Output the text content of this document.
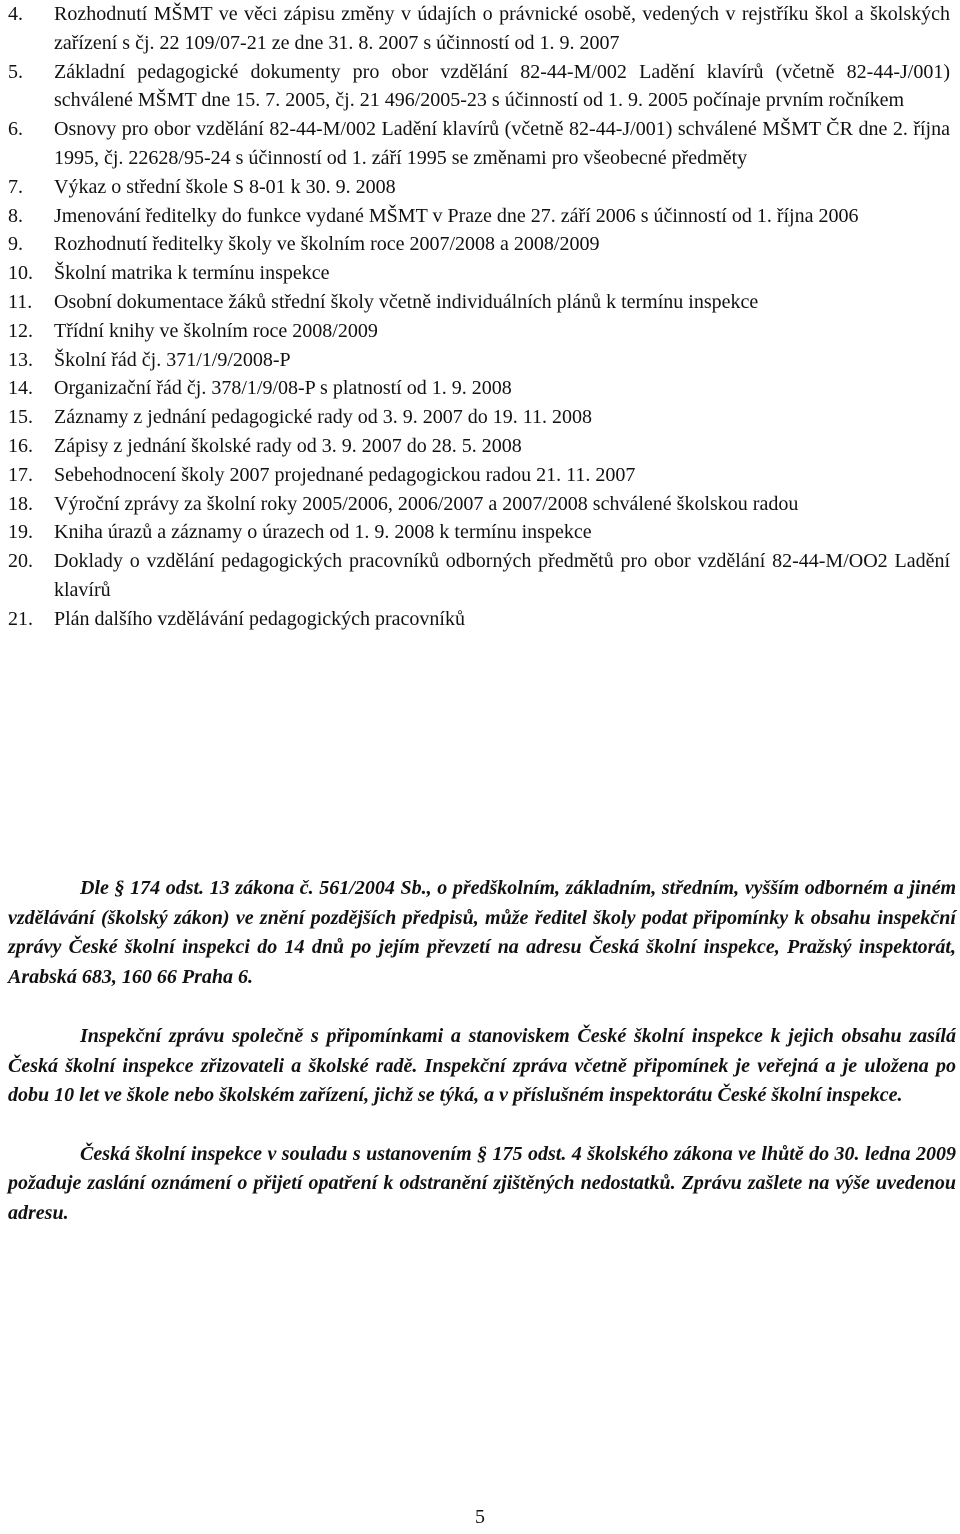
4. Rozhodnutí MŠMT ve věci zápisu změny v údajích o právnické osobě, vedených v rejstříku škol a školských zařízení s čj. 22 109/07-21 ze dne 31. 8. 2007 s účinností od 1. 9. 2007
5. Základní pedagogické dokumenty pro obor vzdělání 82-44-M/002 Ladění klavírů (včetně 82-44-J/001) schválené MŠMT dne 15. 7. 2005, čj. 21 496/2005-23 s účinností od 1. 9. 2005 počínaje prvním ročníkem
6. Osnovy pro obor vzdělání 82-44-M/002 Ladění klavírů (včetně 82-44-J/001) schválené MŠMT ČR dne 2. října 1995, čj. 22628/95-24 s účinností od 1. září 1995 se změnami pro všeobecné předměty
7. Výkaz o střední škole S 8-01 k 30. 9. 2008
8. Jmenování ředitelky do funkce vydané MŠMT v Praze dne 27. září 2006 s účinností od 1. října 2006
9. Rozhodnutí ředitelky školy ve školním roce 2007/2008 a 2008/2009
10. Školní matrika k termínu inspekce
11. Osobní dokumentace žáků střední školy včetně individuálních plánů k termínu inspekce
12. Třídní knihy ve školním roce 2008/2009
13. Školní řád čj. 371/1/9/2008-P
14. Organizační řád čj. 378/1/9/08-P s platností od 1. 9. 2008
15. Záznamy z jednání pedagogické rady od 3. 9. 2007 do 19. 11. 2008
16. Zápisy z jednání školské rady od 3. 9. 2007 do 28. 5. 2008
17. Sebehodnocení školy 2007 projednané pedagogickou radou 21. 11. 2007
18. Výroční zprávy za školní roky 2005/2006, 2006/2007 a 2007/2008 schválené školskou radou
19. Kniha úrazů a záznamy o úrazech od 1. 9. 2008 k termínu inspekce
20. Doklady o vzdělání pedagogických pracovníků odborných předmětů pro obor vzdělání 82-44-M/OO2 Ladění klavírů
21. Plán dalšího vzdělávání pedagogických pracovníků

Dle § 174 odst. 13 zákona č. 561/2004 Sb., o předškolním, základním, středním, vyšším odborném a jiném vzdělávání (školský zákon) ve znění pozdějších předpisů, může ředitel školy podat připomínky k obsahu inspekční zprávy České školní inspekci do 14 dnů po jejím převzetí na adresu Česká školní inspekce, Pražský inspektorát, Arabská 683, 160 66 Praha 6.

Inspekční zprávu společně s připomínkami a stanoviskem České školní inspekce k jejich obsahu zasílá Česká školní inspekce zřizovateli a školské radě. Inspekční zpráva včetně připomínek je veřejná a je uložena po dobu 10 let ve škole nebo školském zařízení, jichž se týká, a v příslušném inspektorátu České školní inspekce.

Česká školní inspekce v souladu s ustanovením § 175 odst. 4 školského zákona ve lhůtě do 30. ledna 2009 požaduje zaslání oznámení o přijetí opatření k odstranění zjištěných nedostatků. Zprávu zašlete na výše uvedenou adresu.

5
